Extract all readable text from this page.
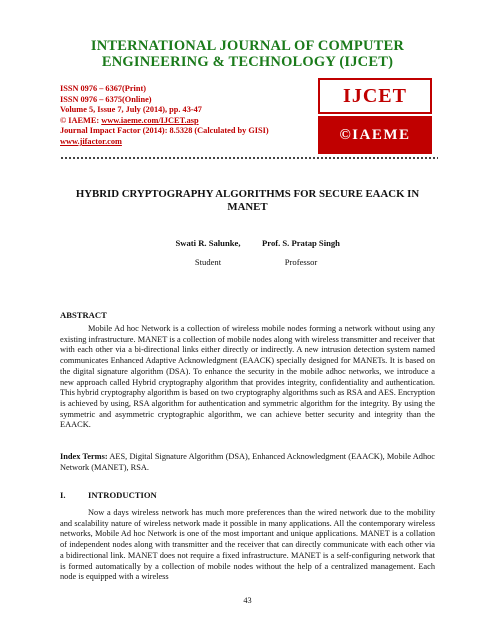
INTERNATIONAL JOURNAL OF COMPUTER ENGINEERING & TECHNOLOGY (IJCET)
ISSN 0976 – 6367(Print)
ISSN 0976 – 6375(Online)
Volume 5, Issue 7, July (2014), pp. 43-47
© IAEME: www.iaeme.com/IJCET.asp
Journal Impact Factor (2014): 8.5328 (Calculated by GISI)
www.jifactor.com
IJCET
©IAEME
HYBRID CRYPTOGRAPHY ALGORITHMS FOR SECURE EAACK IN MANET
Swati R. Salunke,
Student
Prof. S. Pratap Singh
Professor
ABSTRACT
Mobile Ad hoc Network is a collection of wireless mobile nodes forming a network without using any existing infrastructure. MANET is a collection of mobile nodes along with wireless transmitter and receiver that with each other via a bi-directional links either directly or indirectly. A new intrusion detection system named communicates Enhanced Adaptive Acknowledgment (EAACK) specially designed for MANETs. It is based on the digital signature algorithm (DSA). To enhance the security in the mobile adhoc networks, we introduce a new approach called Hybrid cryptography algorithm that provides integrity, confidentiality and authentication. This hybrid cryptography algorithm is based on two cryptography algorithms such as RSA and AES. Encryption is achieved by using, RSA algorithm for authentication and symmetric algorithm for the integrity. By using the symmetric and asymmetric cryptographic algorithm, we can achieve better security and integrity than the EAACK.
Index Terms: AES, Digital Signature Algorithm (DSA), Enhanced Acknowledgment (EAACK), Mobile Adhoc Network (MANET), RSA.
I.	INTRODUCTION
Now a days wireless network has much more preferences than the wired network due to the mobility and scalability nature of wireless network made it possible in many applications. All the contemporary wireless networks, Mobile Ad hoc Network is one of the most important and unique applications. MANET is a collation of independent nodes along with transmitter and the receiver that can directly communicate with each other via a bidirectional link. MANET does not require a fixed infrastructure. MANET is a self-configuring network that is formed automatically by a collection of mobile nodes without the help of a centralized management. Each node is equipped with a wireless
43
